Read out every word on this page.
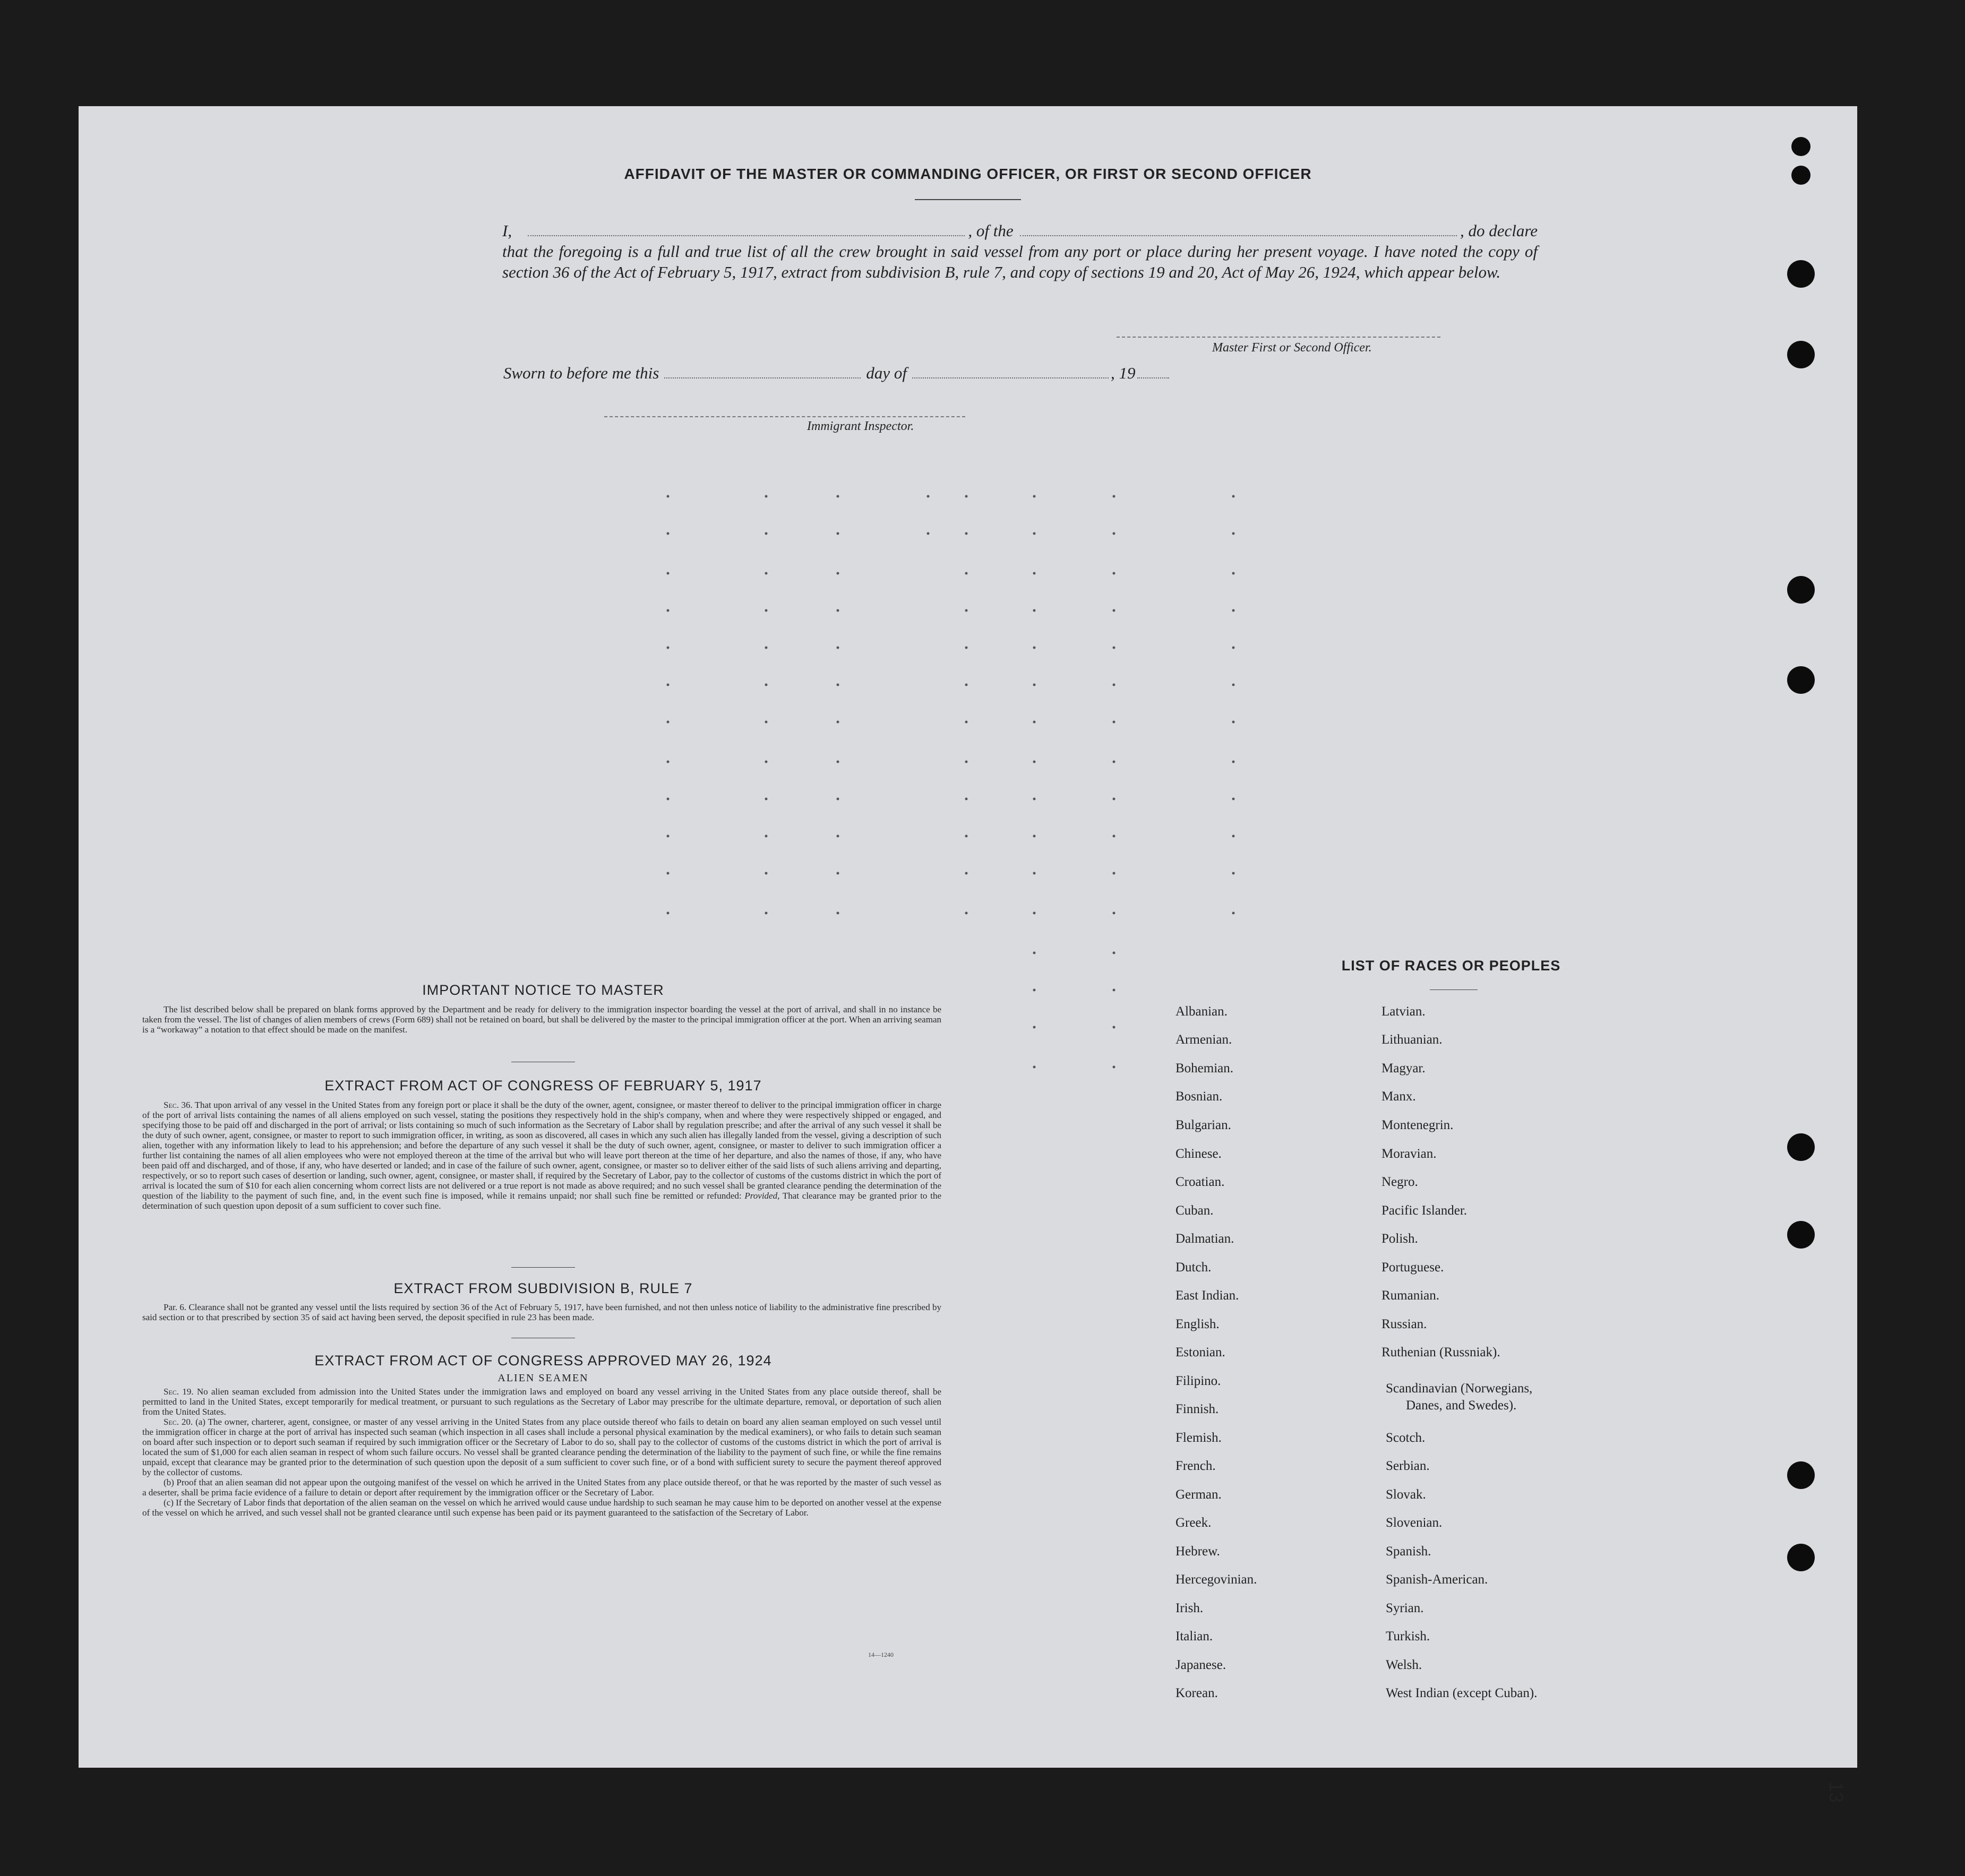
AFFIDAVIT OF THE MASTER OR COMMANDING OFFICER, OR FIRST OR SECOND OFFICER
I,	, of the	, do declare
that the foregoing is a full and true list of all the crew brought in said vessel from any port or place during her present voyage. I have noted the copy of section 36 of the Act of February 5, 1917, extract from subdivision B, rule 7, and copy of sections 19 and 20, Act of May 26, 1924, which appear below.
Master First or Second Officer.
Sworn to before me this	day of	, 19
Immigrant Inspector.
IMPORTANT NOTICE TO MASTER

The list described below shall be prepared on blank forms approved by the Department and be ready for delivery to the immigration inspector boarding the vessel at the port of arrival, and shall in no instance be taken from the vessel. The list of changes of alien members of crews (Form 689) shall not be retained on board, but shall be delivered by the master to the principal immigration officer at the port. When an arriving seaman is a “workaway” a notation to that effect should be made on the manifest.

EXTRACT FROM ACT OF CONGRESS OF FEBRUARY 5, 1917

Sec. 36. That upon arrival of any vessel in the United States from any foreign port or place it shall be the duty of the owner, agent, consignee, or master thereof to deliver to the principal immigration officer in charge of the port of arrival lists containing the names of all aliens employed on such vessel, stating the positions they respectively hold in the ship's company, when and where they were respectively shipped or engaged, and specifying those to be paid off and discharged in the port of arrival; or lists containing so much of such information as the Secretary of Labor shall by regulation prescribe; and after the arrival of any such vessel it shall be the duty of such owner, agent, consignee, or master to report to such immigration officer, in writing, as soon as discovered, all cases in which any such alien has illegally landed from the vessel, giving a description of such alien, together with any information likely to lead to his apprehension; and before the departure of any such vessel it shall be the duty of such owner, agent, consignee, or master to deliver to such immigration officer a further list containing the names of all alien employees who were not employed thereon at the time of the arrival but who will leave port thereon at the time of her departure, and also the names of those, if any, who have been paid off and discharged, and of those, if any, who have deserted or landed; and in case of the failure of such owner, agent, consignee, or master so to deliver either of the said lists of such aliens arriving and departing, respectively, or so to report such cases of desertion or landing, such owner, agent, consignee, or master shall, if required by the Secretary of Labor, pay to the collector of customs of the customs district in which the port of arrival is located the sum of $10 for each alien concerning whom correct lists are not delivered or a true report is not made as above required; and no such vessel shall be granted clearance pending the determination of the question of the liability to the payment of such fine, and, in the event such fine is imposed, while it remains unpaid; nor shall such fine be remitted or refunded: Provided, That clearance may be granted prior to the determination of such question upon deposit of a sum sufficient to cover such fine.

EXTRACT FROM SUBDIVISION B, RULE 7

Par. 6. Clearance shall not be granted any vessel until the lists required by section 36 of the Act of February 5, 1917, have been furnished, and not then unless notice of liability to the administrative fine prescribed by said section or to that prescribed by section 35 of said act having been served, the deposit specified in rule 23 has been made.

EXTRACT FROM ACT OF CONGRESS APPROVED MAY 26, 1924
ALIEN SEAMEN

Sec. 19. No alien seaman excluded from admission into the United States under the immigration laws and employed on board any vessel arriving in the United States from any place outside thereof, shall be permitted to land in the United States, except temporarily for medical treatment, or pursuant to such regulations as the Secretary of Labor may prescribe for the ultimate departure, removal, or deportation of such alien from the United States.

Sec. 20. (a) The owner, charterer, agent, consignee, or master of any vessel arriving in the United States from any place outside thereof who fails to detain on board any alien seaman employed on such vessel until the immigration officer in charge at the port of arrival has inspected such seaman (which inspection in all cases shall include a personal physical examination by the medical examiners), or who fails to detain such seaman on board after such inspection or to deport such seaman if required by such immigration officer or the Secretary of Labor to do so, shall pay to the collector of customs of the customs district in which the port of arrival is located the sum of $1,000 for each alien seaman in respect of whom such failure occurs. No vessel shall be granted clearance pending the determination of the liability to the payment of such fine, or while the fine remains unpaid, except that clearance may be granted prior to the determination of such question upon the deposit of a sum sufficient to cover such fine, or of a bond with sufficient surety to secure the payment thereof approved by the collector of customs.

(b) Proof that an alien seaman did not appear upon the outgoing manifest of the vessel on which he arrived in the United States from any place outside thereof, or that he was reported by the master of such vessel as a deserter, shall be prima facie evidence of a failure to detain or deport after requirement by the immigration officer or the Secretary of Labor.

(c) If the Secretary of Labor finds that deportation of the alien seaman on the vessel on which he arrived would cause undue hardship to such seaman he may cause him to be deported on another vessel at the expense of the vessel on which he arrived, and such vessel shall not be granted clearance until such expense has been paid or its payment guaranteed to the satisfaction of the Secretary of Labor.

14—1240
LIST OF RACES OR PEOPLES
Albanian.
Armenian.
Bohemian.
Bosnian.
Bulgarian.
Chinese.
Croatian.
Cuban.
Dalmatian.
Dutch.
East Indian.
English.
Estonian.
Filipino.
Finnish.
Flemish.
French.
German.
Greek.
Hebrew.
Hercegovinian.
Irish.
Italian.
Japanese.
Korean.
Latvian.
Lithuanian.
Magyar.
Manx.
Montenegrin.
Moravian.
Negro.
Pacific Islander.
Polish.
Portuguese.
Rumanian.
Russian.
Ruthenian (Russniak).
Scandinavian (Norwegians,
Danes, and Swedes).
Scotch.
Serbian.
Slovak.
Slovenian.
Spanish.
Spanish-American.
Syrian.
Turkish.
Welsh.
West Indian (except Cuban).
13
